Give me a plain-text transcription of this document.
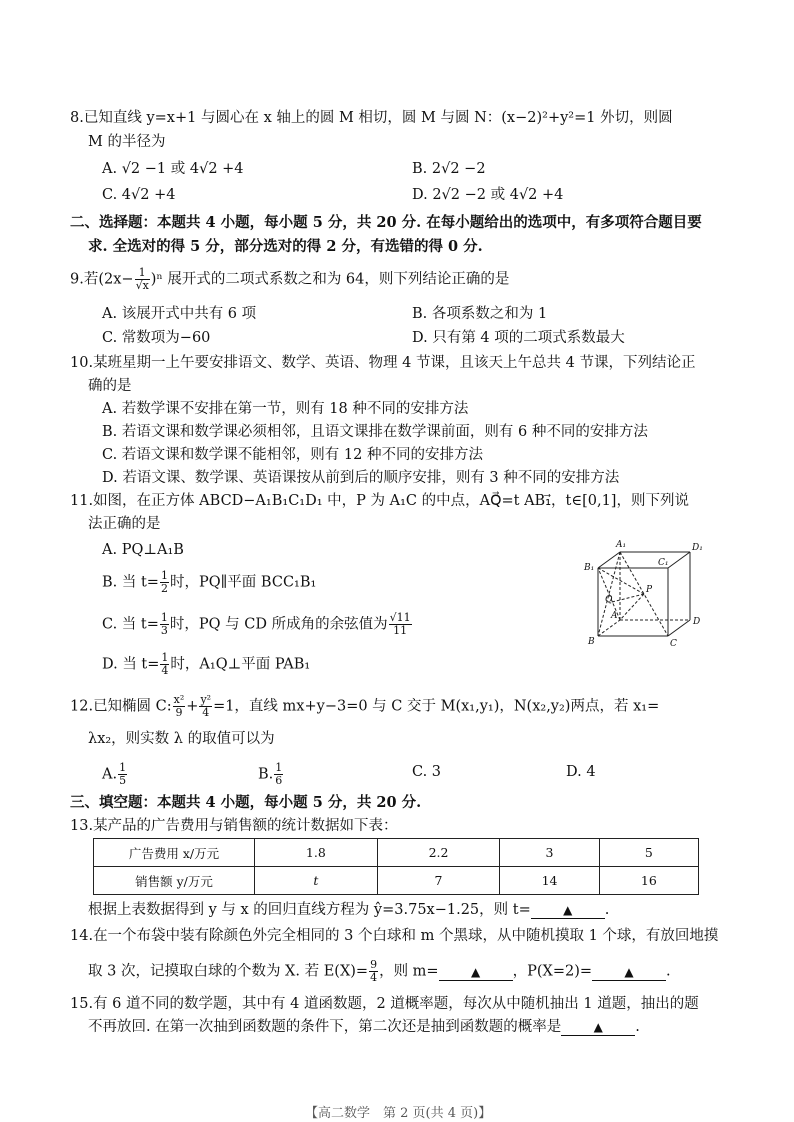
8.已知直线 y=x+1 与圆心在 x 轴上的圆 M 相切，圆 M 与圆 N：(x−2)²+y²=1 外切，则圆
M 的半径为
A. √2 −1 或 4√2 +4	B. 2√2 −2
C. 4√2 +4	D. 2√2 −2 或 4√2 +4
二、选择题：本题共 4 小题，每小题 5 分，共 20 分. 在每小题给出的选项中，有多项符合题目要
求. 全选对的得 5 分，部分选对的得 2 分，有选错的得 0 分.
9.若$(2x- \frac{1}{√x} )^n$ 展开式的二项式系数之和为 64，则下列结论正确的是
A. 该展开式中共有 6 项	B. 各项系数之和为 1
C. 常数项为−60	D. 只有第 4 项的二项式系数最大
10.某班星期一上午要安排语文、数学、英语、物理 4 节课，且该天上午总共 4 节课，下列结论正
确的是
A. 若数学课不安排在第一节，则有 18 种不同的安排方法
B. 若语文课和数学课必须相邻，且语文课排在数学课前面，则有 6 种不同的安排方法
C. 若语文课和数学课不能相邻，则有 12 种不同的安排方法
D. 若语文课、数学课、英语课按从前到后的顺序安排，则有 3 种不同的安排方法
11.如图，在正方体 ABCD−A₁B₁C₁D₁ 中，P 为 A₁C 的中点，AQ⃗=t AB₁⃗，t∈[0,1]，则下列说
法正确的是
A. PQ⊥A₁B
B. 当 $t= \frac{1}{2}$ 时，PQ∥平面 BCC₁B₁
C. 当 $t= \frac{1}{3}$ 时，PQ 与 CD 所成角的余弦值为 $\frac{√11}{11}$
D. 当 $t= \frac{1}{4}$ 时，A₁Q⊥平面 PAB₁
A₁	D₁
B₁	C₁
P
Q
A
D
B	C
12.已知椭圆 C: $\frac{\text{x²}}{9} + \frac{\text{y²}}{4} =1$，直线 mx+y−3=0 与 C 交于 M(x₁,y₁)，N(x₂,y₂)两点，若 x₁=
λx₂，则实数 λ 的取值可以为
A. $\frac{1}{5}$	B. $\frac{1}{6}$	C. 3	D. 4
三、填空题：本题共 4 小题，每小题 5 分，共 20 分.
13.某产品的广告费用与销售额的统计数据如下表：
广告费用 x/万元	1.8	2.2	3	5
销售额 y/万元	t	7	14	16
根据上表数据得到 y 与 x 的回归直线方程为 ŷ=3.75x−1.25，则 t=	▲ .
14.在一个布袋中装有除颜色外完全相同的 3 个白球和 m 个黑球，从中随机摸取 1 个球，有放回地摸
取 3 次，记摸取白球的个数为 X. 若 $E(X)= \frac{9}{4}$ ，则 m=	▲ ，P(X=2)=	▲ .
15.有 6 道不同的数学题，其中有 4 道函数题，2 道概率题，每次从中随机抽出 1 道题，抽出的题
不再放回. 在第一次抽到函数题的条件下，第二次还是抽到函数题的概率是	▲ .
【高二数学　第 2 页(共 4 页)】
